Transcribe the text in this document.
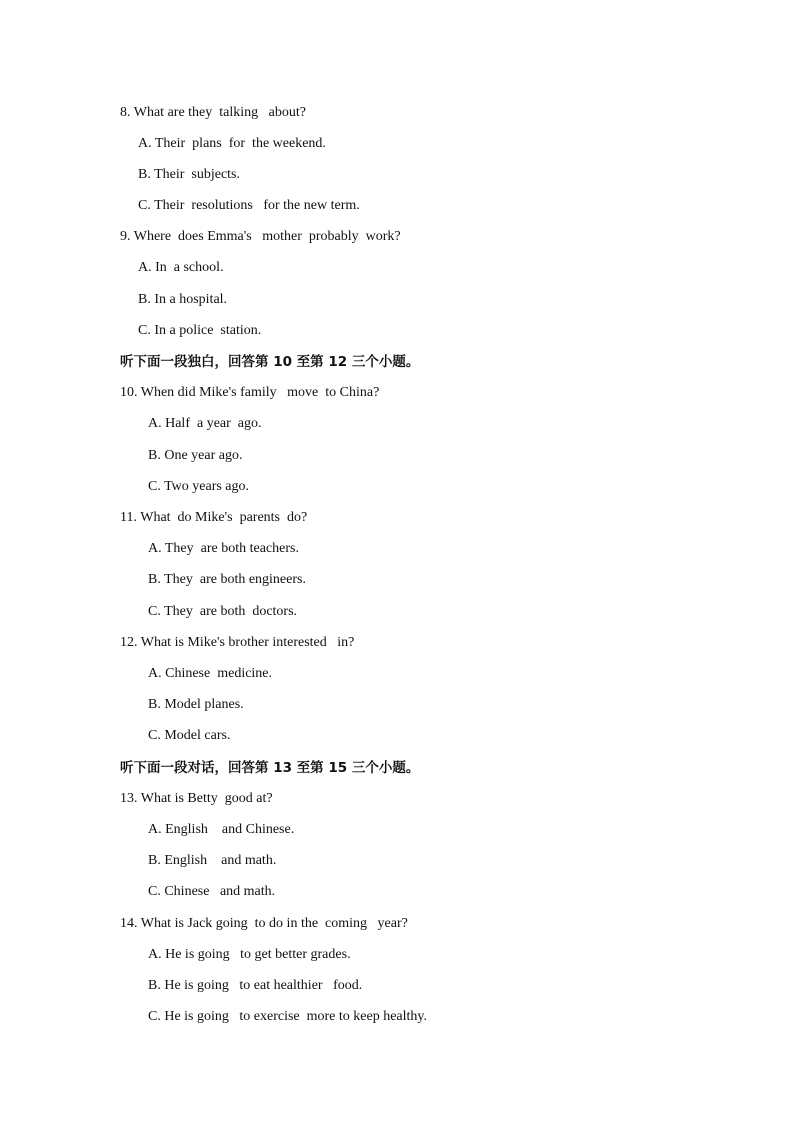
8. What are they  talking   about?
A. Their  plans  for  the weekend.
B. Their  subjects.
C. Their  resolutions   for the new term.
9. Where  does Emma's   mother  probably  work?
A. In  a school.
B. In a hospital.
C. In a police  station.
听下面一段独白，回答第 10 至第 12 三个小题。
10. When did Mike's family   move  to China?
A. Half  a year  ago.
B. One year ago.
C. Two years ago.
11. What  do Mike's  parents  do?
A. They  are both teachers.
B. They  are both engineers.
C. They  are both  doctors.
12. What is Mike's brother interested   in?
A. Chinese  medicine.
B. Model planes.
C. Model cars.
听下面一段对话，回答第 13 至第 15 三个小题。
13. What is Betty  good at?
A. English    and Chinese.
B. English    and math.
C. Chinese   and math.
14. What is Jack going  to do in the  coming   year?
A. He is going   to get better grades.
B. He is going   to eat healthier   food.
C. He is going   to exercise  more to keep healthy.
